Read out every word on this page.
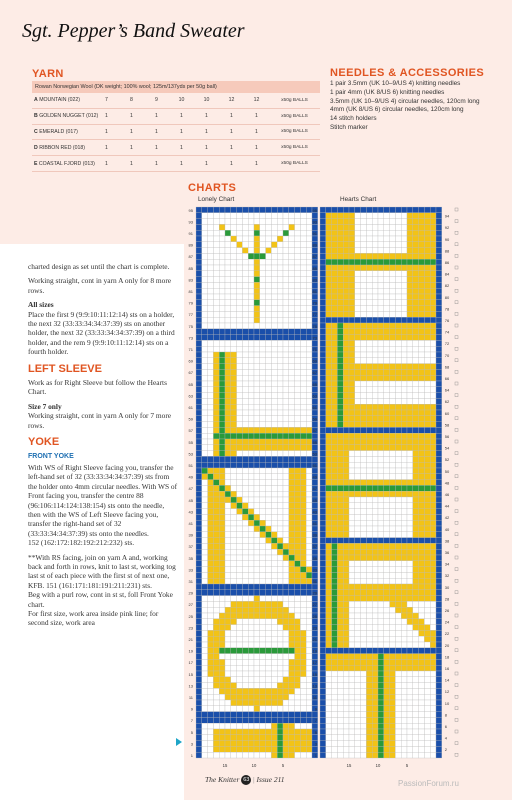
Sgt. Pepper’s Band Sweater
YARN
Rowan Norwegian Wool (DK weight; 100% wool; 125m/137yds per 50g ball)								
A MOUNTAIN (022)	7	8	9	10	10	12	12	x50g BALLS
B GOLDEN NUGGET (012)	1	1	1	1	1	1	1	x50g BALLS
C EMERALD (017)	1	1	1	1	1	1	1	x50g BALLS
D RIBBON RED (018)	1	1	1	1	1	1	1	x50g BALLS
E COASTAL FJORD (013)	1	1	1	1	1	1	1	x50g BALLS
NEEDLES & ACCESSORIES
1 pair 3.5mm (UK 10–9/US 4) knitting needles
1 pair 4mm (UK 8/US 6) knitting needles
3.5mm (UK 10–9/US 4) circular needles, 120cm long
4mm (UK 8/US 6) circular needles, 120cm long
14 stitch holders
Stitch marker

charted design as set until the chart is complete.

Working straight, cont in yarn A only for 8 more rows.

All sizes
Place the first 9 (9:9:10:11:12:14) sts on a holder, the next 32 (33:33:34:34:37:39) sts on another holder, the next 32 (33:33:34:34:37:39) on a third holder, and the rem 9 (9:9:10:11:12:14) sts on a fourth holder.

LEFT SLEEVE

Work as for Right Sleeve but follow the Hearts Chart.

Size 7 only
Working straight, cont in yarn A only for 7 more rows.

YOKE
FRONT YOKE

With WS of Right Sleeve facing you, transfer the left-hand set of 32 (33:33:34:34:37:39) sts from the holder onto 4mm circular needles. With WS of Front facing you, transfer the centre 88 (96:106:114:124:138:154) sts onto the needle, then with the WS of Left Sleeve facing you, transfer the right-hand set of 32 (33:33:34:34:37:39) sts onto the needles.
152 (162:172:182:192:212:232) sts.

**With RS facing, join on yarn A and, working back and forth in rows, knit to last st, working tog last st of each piece with the first st of next one, KFB. 151 (161:171:181:191:211:231) sts.
Beg with a purl row, cont in st st, foll Front Yoke chart.
For first size, work area inside pink line; for second size, work area

CHARTS

Lonely Chart	Hearts Chart

95
93
91
89
87
85
83
81
79
77
75
73
71
69
67
65
63
61
59
57
55
53
51
49
47
45
43
41
39
37
35
33
31
29
27
25
23
21
19
17
15
13
11
9
7
5
3
1
15	10	5
95
93
91
89
87
85
83
81
79
77
75
73
71
69
67
65
63
61
59
57
55
53
51
49
47
45
43
41
39
37
35
33
31
29
27
25
23
21
19
17
15
13
11
9
7
5
3
1
94
92
90
88
86
84
82
80
78
76
74
72
70
68
66
64
62
60
58
56
54
52
50
48
46
44
42
40
38
36
34
32
30
28
26
24
22
20
18
16
14
12
10
8
6
4
2
15	10	5
The Knitter 63 | Issue 211	PassionForum.ru
